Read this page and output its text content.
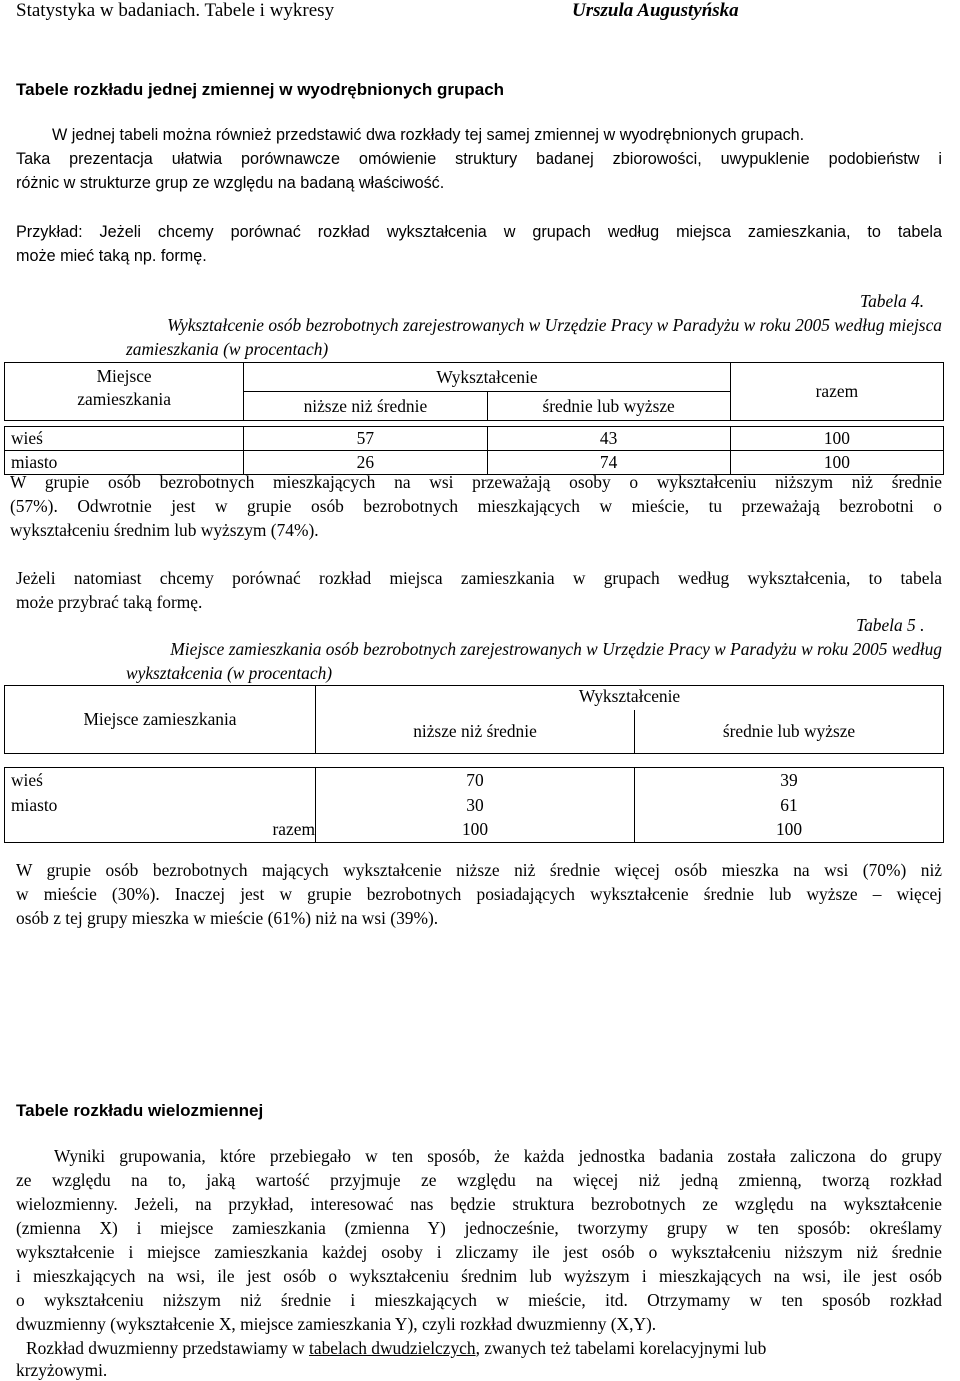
Statystyka w badaniach. Tabele i wykresy	Urszula Augustyńska
Tabele rozkładu jednej zmiennej w wyodrębnionych grupach
W jednej tabeli można również przedstawić dwa rozkłady tej samej zmiennej w wyodrębnionych grupach.
Taka prezentacja ułatwia porównawcze omówienie struktury badanej zbiorowości, uwypuklenie podobieństw i
różnic w strukturze grup ze względu na badaną właściwość.
Przykład: Jeżeli chcemy porównać rozkład wykształcenia w grupach według miejsca zamieszkania, to tabela
może mieć taką np. formę.
Tabela 4.
Wykształcenie osób bezrobotnych zarejestrowanych w Urzędzie Pracy w Paradyżu w roku 2005 według miejsca
zamieszkania (w procentach)
Miejsce
zamieszkania	Wykształcenie		razem
	niższe niż średnie	średnie lub wyższe	

wieś	57	43	100
miasto	26	74	100
W grupie osób bezrobotnych mieszkających na wsi przeważają osoby o wykształceniu niższym niż średnie
(57%). Odwrotnie jest w grupie osób bezrobotnych mieszkających w mieście, tu przeważają bezrobotni o
wykształceniu średnim lub wyższym (74%).
Jeżeli natomiast chcemy porównać rozkład miejsca zamieszkania w grupach według wykształcenia, to tabela
może przybrać taką formę.
Tabela 5 .
Miejsce zamieszkania osób bezrobotnych zarejestrowanych w Urzędzie Pracy w Paradyżu w roku 2005 według
wykształcenia (w procentach)
Miejsce zamieszkania	Wykształcenie	
	niższe niż średnie	średnie lub wyższe

wieś	70	39
miasto	30	61
razem	100	100
W grupie osób bezrobotnych mających wykształcenie niższe niż średnie więcej osób mieszka na wsi (70%) niż
w mieście (30%). Inaczej jest w grupie bezrobotnych posiadających wykształcenie średnie lub wyższe – więcej
osób z tej grupy mieszka w mieście (61%) niż na wsi (39%).
Tabele rozkładu wielozmiennej
Wyniki grupowania, które przebiegało w ten sposób, że każda jednostka badania została zaliczona do grupy
ze względu na to, jaką wartość przyjmuje ze względu na więcej niż jedną zmienną, tworzą rozkład
wielozmienny. Jeżeli, na przykład, interesować nas będzie struktura bezrobotnych ze względu na wykształcenie
(zmienna X) i miejsce zamieszkania (zmienna Y) jednocześnie, tworzymy grupy w ten sposób: określamy
wykształcenie i miejsce zamieszkania każdej osoby i zliczamy ile jest osób o wykształceniu niższym niż średnie
i mieszkających na wsi, ile jest osób o wykształceniu średnim lub wyższym i mieszkających na wsi, ile jest osób
o wykształceniu niższym niż średnie i mieszkających w mieście, itd. Otrzymamy w ten sposób rozkład
dwuzmienny (wykształcenie X, miejsce zamieszkania Y), czyli rozkład dwuzmienny (X,Y).
Rozkład dwuzmienny przedstawiamy w tabelach dwudzielczych, zwanych też tabelami korelacyjnymi lub
krzyżowymi.
